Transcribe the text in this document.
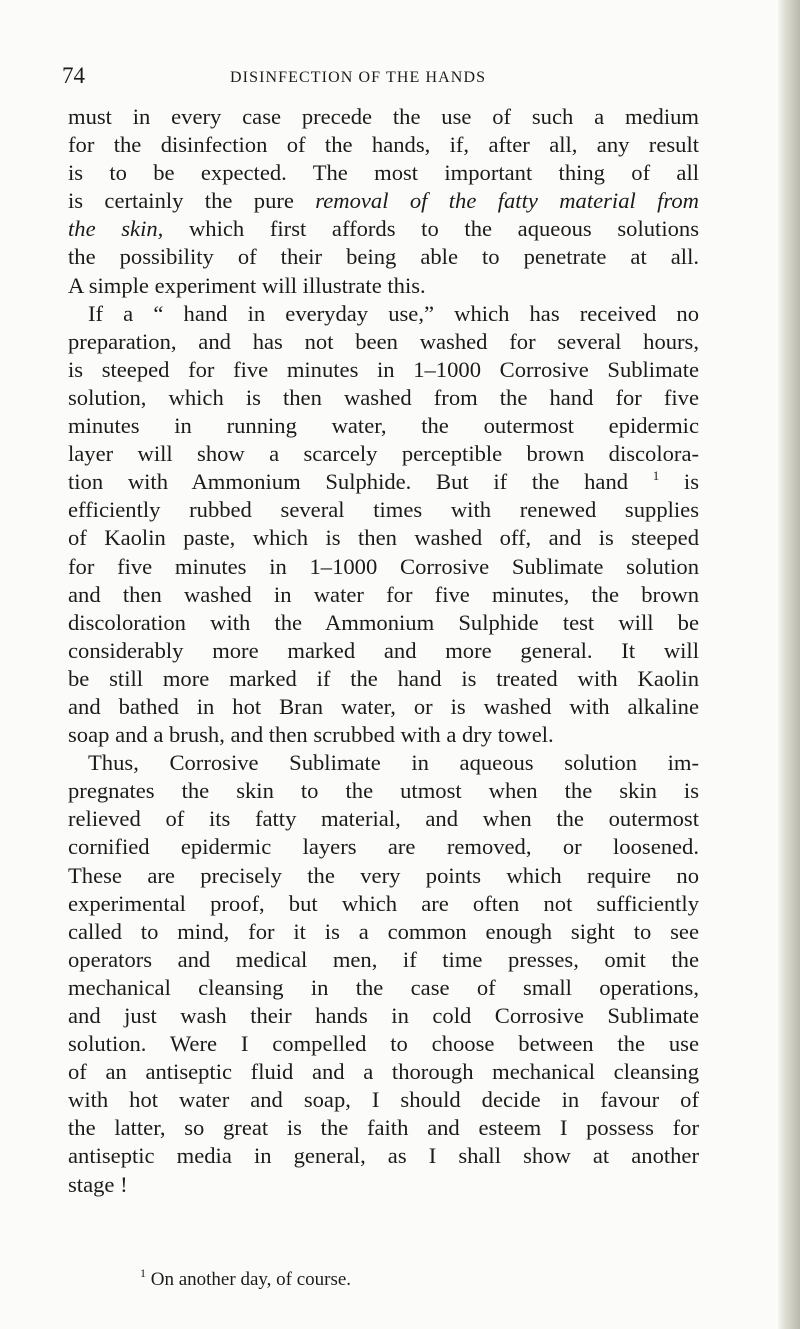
74	DISINFECTION OF THE HANDS
must in every case precede the use of such a medium
for the disinfection of the hands, if, after all, any result
is to be expected. The most important thing of all
is certainly the pure removal of the fatty material from
the skin, which first affords to the aqueous solutions
the possibility of their being able to penetrate at all.
A simple experiment will illustrate this.
If a “ hand in everyday use,” which has received no
preparation, and has not been washed for several hours,
is steeped for five minutes in 1–1000 Corrosive Sublimate
solution, which is then washed from the hand for five
minutes in running water, the outermost epidermic
layer will show a scarcely perceptible brown discolora-
tion with Ammonium Sulphide. But if the hand $^1$ is
efficiently rubbed several times with renewed supplies
of Kaolin paste, which is then washed off, and is steeped
for five minutes in 1–1000 Corrosive Sublimate solution
and then washed in water for five minutes, the brown
discoloration with the Ammonium Sulphide test will be
considerably more marked and more general. It will
be still more marked if the hand is treated with Kaolin
and bathed in hot Bran water, or is washed with alkaline
soap and a brush, and then scrubbed with a dry towel.
Thus, Corrosive Sublimate in aqueous solution im-
pregnates the skin to the utmost when the skin is
relieved of its fatty material, and when the outermost
cornified epidermic layers are removed, or loosened.
These are precisely the very points which require no
experimental proof, but which are often not sufficiently
called to mind, for it is a common enough sight to see
operators and medical men, if time presses, omit the
mechanical cleansing in the case of small operations,
and just wash their hands in cold Corrosive Sublimate
solution. Were I compelled to choose between the use
of an antiseptic fluid and a thorough mechanical cleansing
with hot water and soap, I should decide in favour of
the latter, so great is the faith and esteem I possess for
antiseptic media in general, as I shall show at another
stage !
$^1$ On another day, of course.
